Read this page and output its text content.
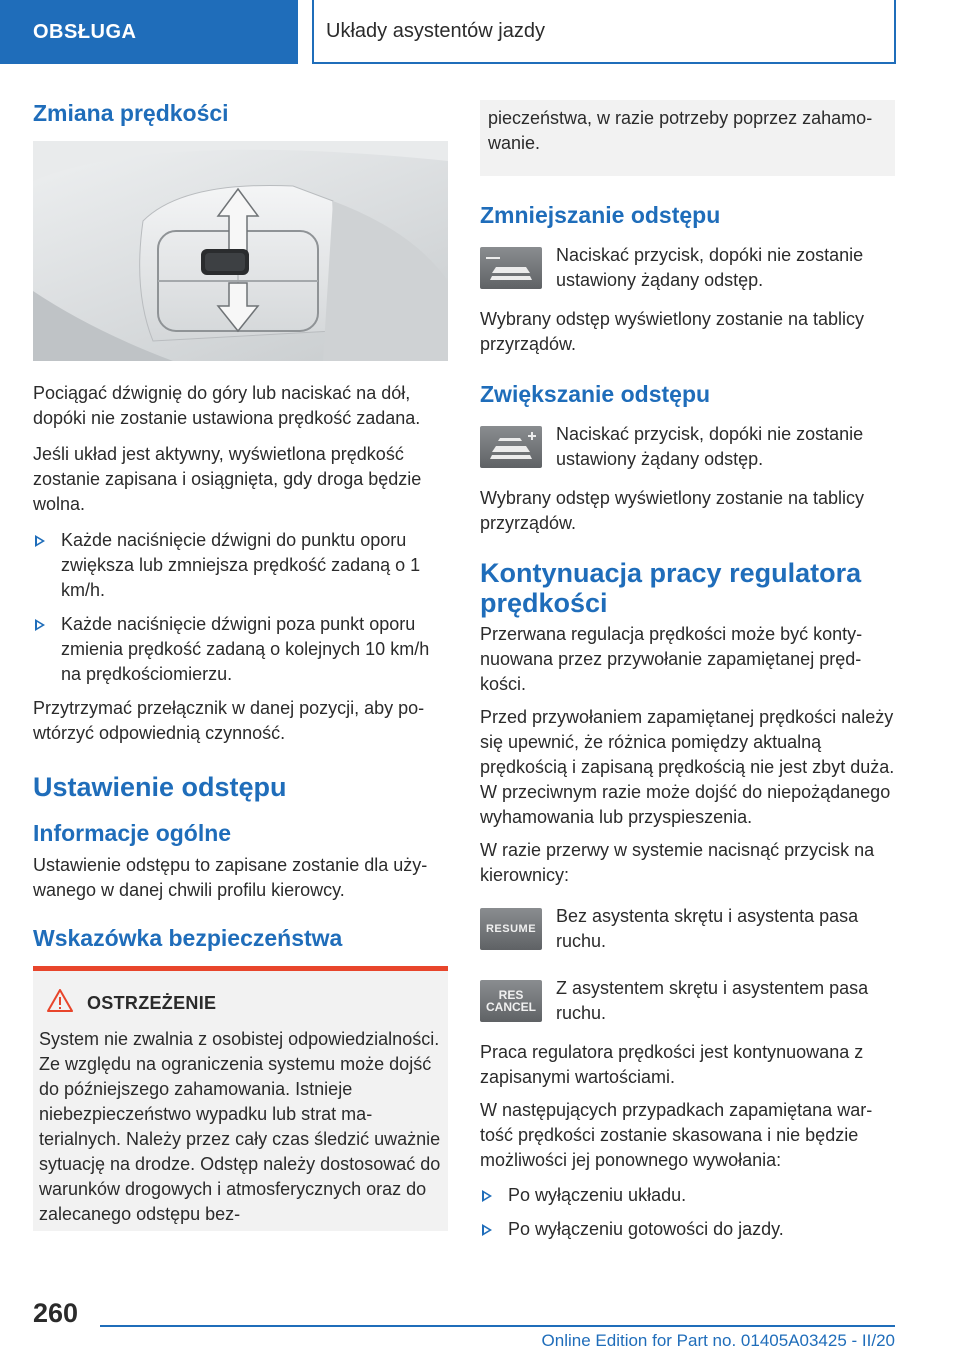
OBSŁUGA	Układy asystentów jazdy
Zmiana prędkości

Pociągać dźwignię do góry lub naciskać na dół, dopóki nie zostanie ustawiona prędkość zadana.

Jeśli układ jest aktywny, wyświetlona prędkość zostanie zapisana i osiągnięta, gdy droga będzie wolna.

Każde naciśnięcie dźwigni do punktu oporu zwiększa lub zmniejsza prędkość zadaną o 1 km/h.
Każde naciśnięcie dźwigni poza punkt oporu zmienia prędkość zadaną o kolejnych 10 km/h na prędkościomierzu.

Przytrzymać przełącznik w danej pozycji, aby powtórzyć odpowiednią czynność.

Ustawienie odstępu
Informacje ogólne

Ustawienie odstępu to zapisane zostanie dla używanego w danej chwili profilu kierowcy.

Wskazówka bezpieczeństwa
OSTRZEŻENIE

System nie zwalnia z osobistej odpowiedzialności. Ze względu na ograniczenia systemu może dojść do późniejszego zahamowania. Istnieje niebezpieczeństwo wypadku lub strat materialnych. Należy przez cały czas śledzić uważnie sytuację na drodze. Odstęp należy dostosować do warunków drogowych i atmosferycznych oraz do zalecanego odstępu bez-

pieczeństwa, w razie potrzeby poprzez zahamowanie.

Zmniejszanie odstępu

Naciskać przycisk, dopóki nie zostanie ustawiony żądany odstęp.

Wybrany odstęp wyświetlony zostanie na tablicy przyrządów.

Zwiększanie odstępu

Naciskać przycisk, dopóki nie zostanie ustawiony żądany odstęp.

Wybrany odstęp wyświetlony zostanie na tablicy przyrządów.

Kontynuacja pracy regulatora prędkości

Przerwana regulacja prędkości może być kontynuowana przez przywołanie zapamiętanej prędkości.

Przed przywołaniem zapamiętanej prędkości należy się upewnić, że różnica pomiędzy aktualną prędkością i zapisaną prędkością nie jest zbyt duża. W przeciwnym razie może dojść do niepożądanego wyhamowania lub przyspieszenia.

W razie przerwy w systemie nacisnąć przycisk na kierownicy:

RESUME

Bez asystenta skrętu i asystenta pasa ruchu.

RES
CANCEL

Z asystentem skrętu i asystentem pasa ruchu.

Praca regulatora prędkości jest kontynuowana z zapisanymi wartościami.

W następujących przypadkach zapamiętana wartość prędkości zostanie skasowana i nie będzie możliwości jej ponownego wywołania:

Po wyłączeniu układu.
Po wyłączeniu gotowości do jazdy.
260
Online Edition for Part no. 01405A03425 - II/20
